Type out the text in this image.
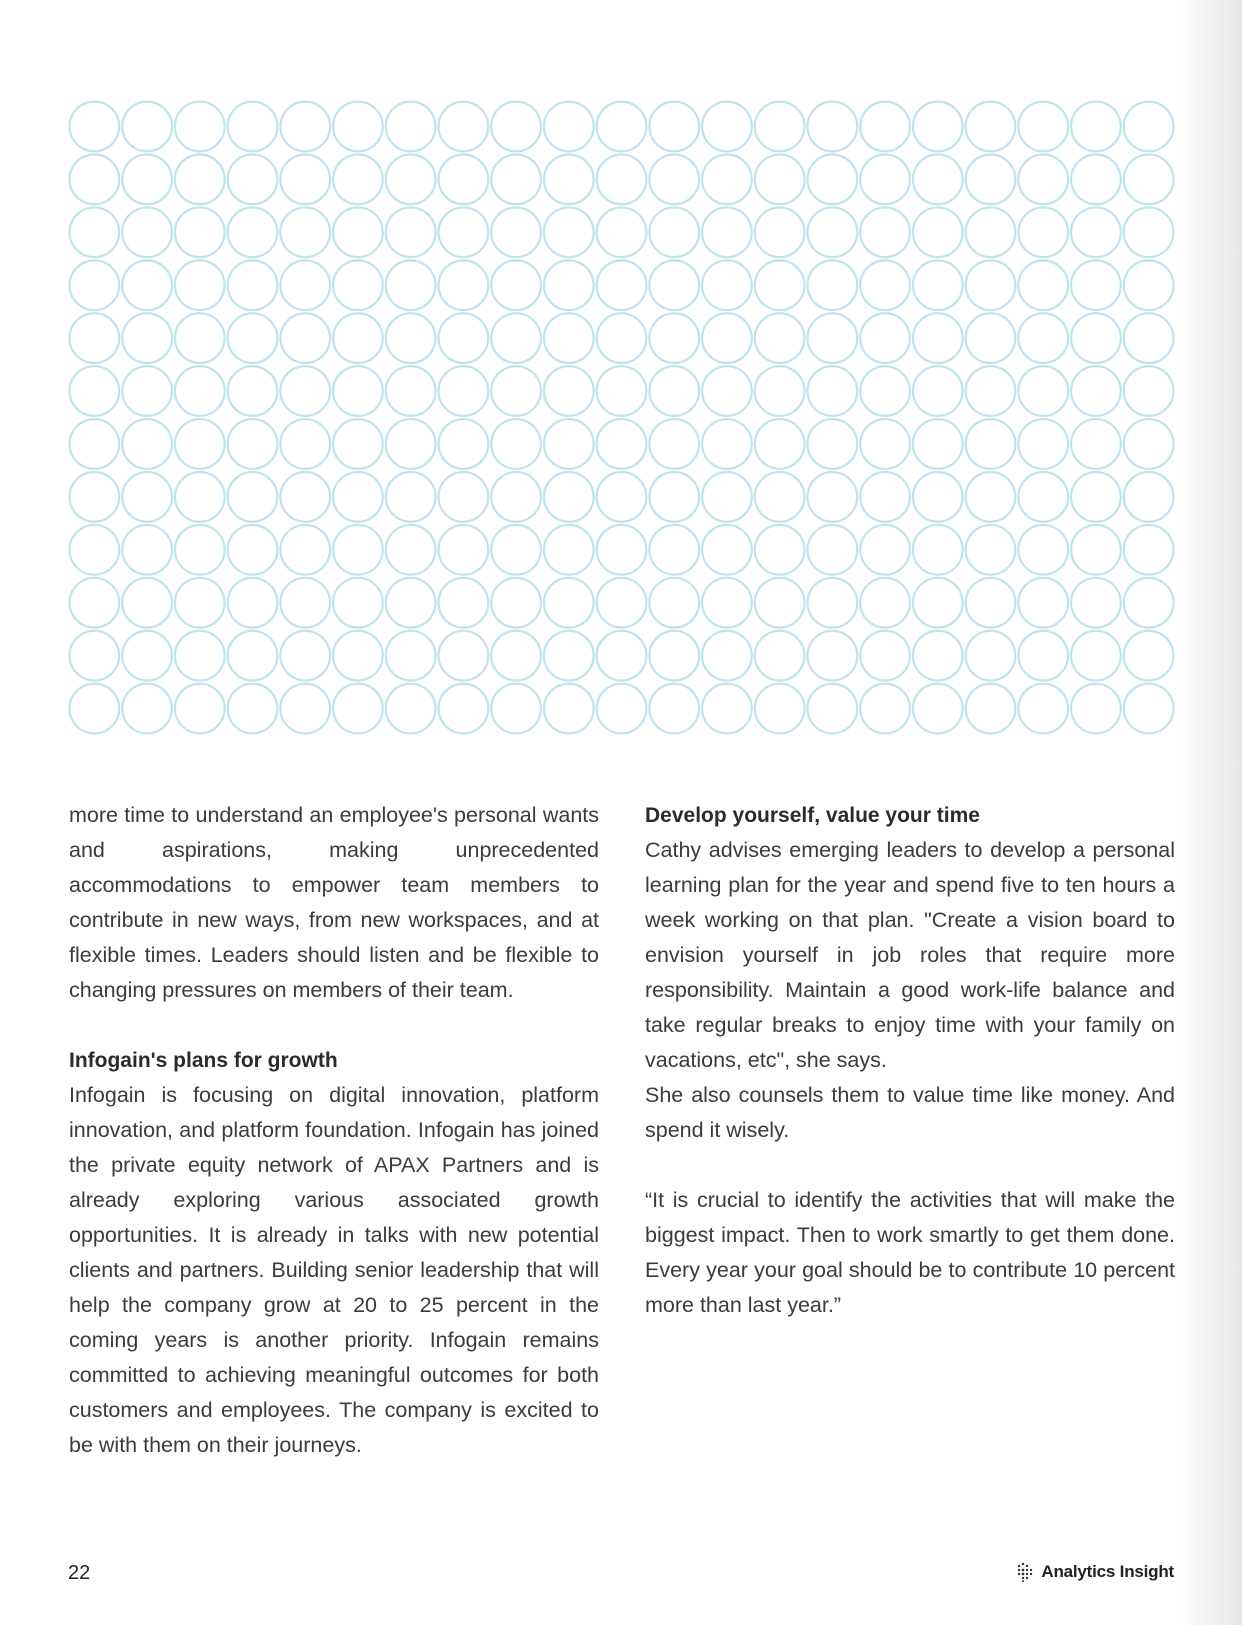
more time to understand an employee's personal wants and aspirations, making unprecedented accommodations to empower team members to contribute in new ways, from new workspaces, and at flexible times. Leaders should listen and be flexible to changing pressures on members of their team.

Infogain's plans for growth

Infogain is focusing on digital innovation, platform innovation, and platform foundation. Infogain has joined the private equity network of APAX Partners and is already exploring various associated growth opportunities. It is already in talks with new potential clients and partners. Building senior leadership that will help the company grow at 20 to 25 percent in the coming years is another priority. Infogain remains committed to achieving meaningful outcomes for both customers and employees. The company is excited to be with them on their journeys.

Develop yourself, value your time

Cathy advises emerging leaders to develop a personal learning plan for the year and spend five to ten hours a week working on that plan. "Create a vision board to envision yourself in job roles that require more responsibility. Maintain a good work-life balance and take regular breaks to enjoy time with your family on vacations, etc", she says.

She also counsels them to value time like money. And spend it wisely.

“It is crucial to identify the activities that will make the biggest impact. Then to work smartly to get them done. Every year your goal should be to contribute 10 percent more than last year.”

22	Analytics Insight
